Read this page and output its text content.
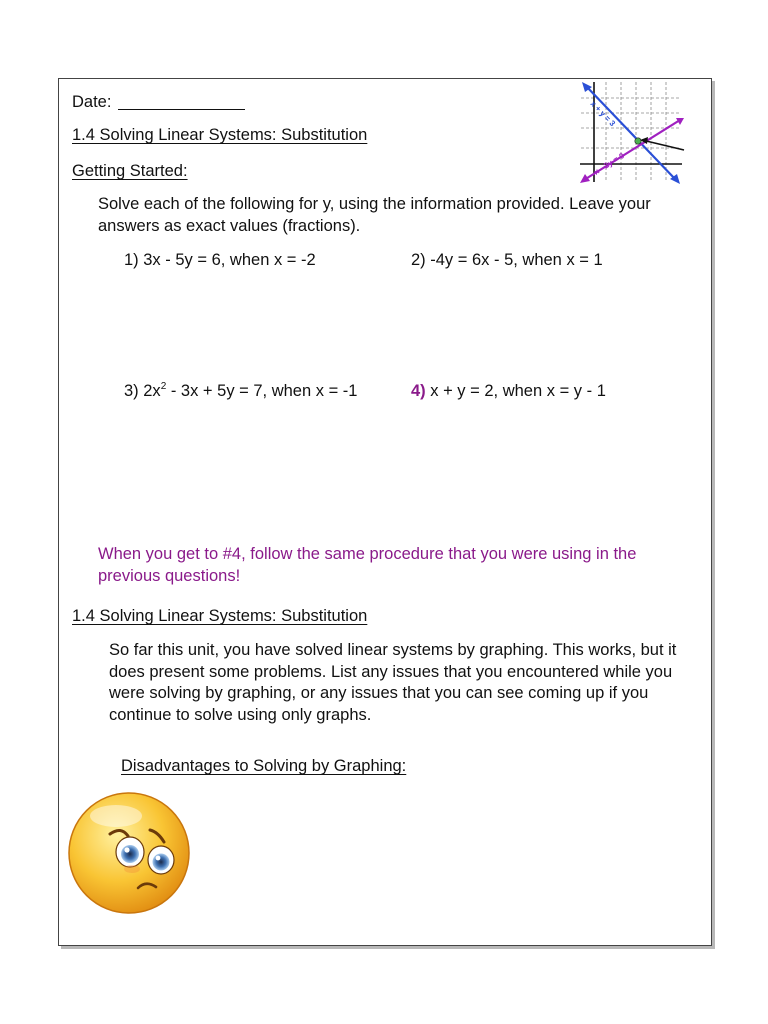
Date:
1.4 Solving Linear Systems: Substitution
Getting Started:
x + y = 3
x - 2y = 0
Solve each of the following for y, using the information provided. Leave your answers as exact values (fractions).
1) 3x - 5y = 6, when x = -2	2) -4y = 6x - 5, when x = 1
3) $2x^2 - 3x + 5y = 7$, when x = -1	4) x + y = 2, when x = y - 1
When you get to #4, follow the same procedure that you were using in the previous questions!
1.4 Solving Linear Systems: Substitution
So far this unit, you have solved linear systems by graphing. This works, but it does present some problems. List any issues that you encountered while you were solving by graphing, or any issues that you can see coming up if you continue to solve using only graphs.
Disadvantages to Solving by Graphing:
